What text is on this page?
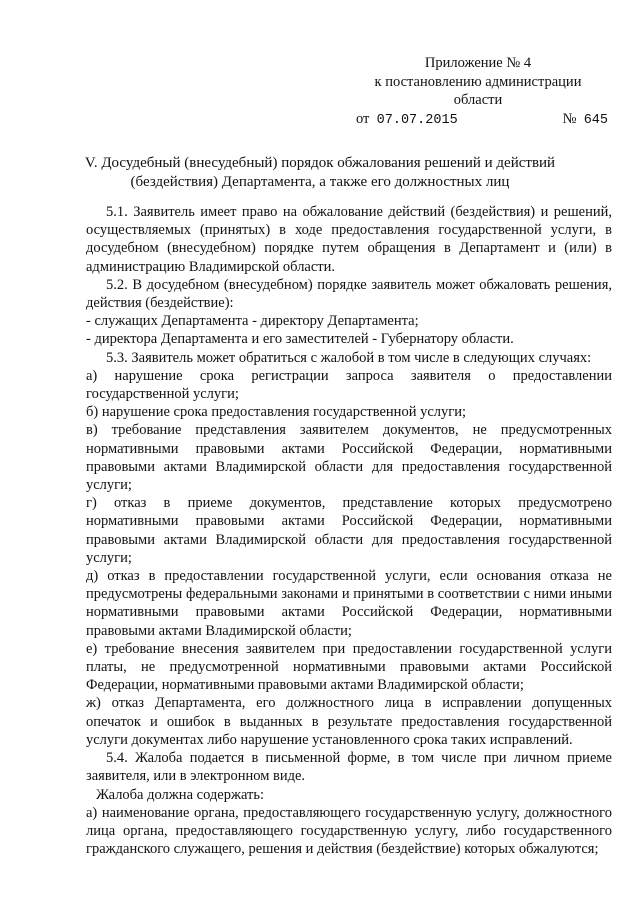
Приложение № 4
к постановлению администрации
области
от  07.07.2015	№  645
V. Досудебный (внесудебный) порядок обжалования решений и действий
(бездействия) Департамента, а также его должностных лиц

5.1. Заявитель имеет право на обжалование действий (бездействия) и решений, осуществляемых (принятых) в ходе предоставления государственной услуги, в досудебном (внесудебном) порядке путем обращения в Департамент и (или) в администрацию Владимирской области.

5.2. В досудебном (внесудебном) порядке заявитель может обжаловать решения, действия (бездействие):

- служащих Департамента - директору Департамента;

- директора Департамента и его заместителей - Губернатору области.

5.3. Заявитель может обратиться с жалобой в том числе в следующих случаях:

а) нарушение срока регистрации запроса заявителя о предоставлении государственной услуги;

б) нарушение срока предоставления государственной услуги;

в) требование представления заявителем документов, не предусмотренных нормативными правовыми актами Российской Федерации, нормативными правовыми актами Владимирской области для предоставления государственной услуги;

г) отказ в приеме документов, представление которых предусмотрено нормативными правовыми актами Российской Федерации, нормативными правовыми актами Владимирской области для предоставления государственной услуги;

д) отказ в предоставлении государственной услуги, если основания отказа не предусмотрены федеральными законами и принятыми в соответствии с ними иными нормативными правовыми актами Российской Федерации, нормативными правовыми актами Владимирской области;

е) требование внесения заявителем при предоставлении государственной услуги платы, не предусмотренной нормативными правовыми актами Российской Федерации, нормативными правовыми актами Владимирской области;

ж) отказ Департамента, его должностного лица в исправлении допущенных опечаток и ошибок в выданных в результате предоставления государственной услуги документах либо нарушение установленного срока таких исправлений.

5.4. Жалоба подается в письменной форме, в том числе при личном приеме заявителя, или в электронном виде.

Жалоба должна содержать:

а) наименование органа, предоставляющего государственную услугу, должностного лица органа, предоставляющего государственную услугу, либо государственного гражданского служащего, решения и действия (бездействие) которых обжалуются;
